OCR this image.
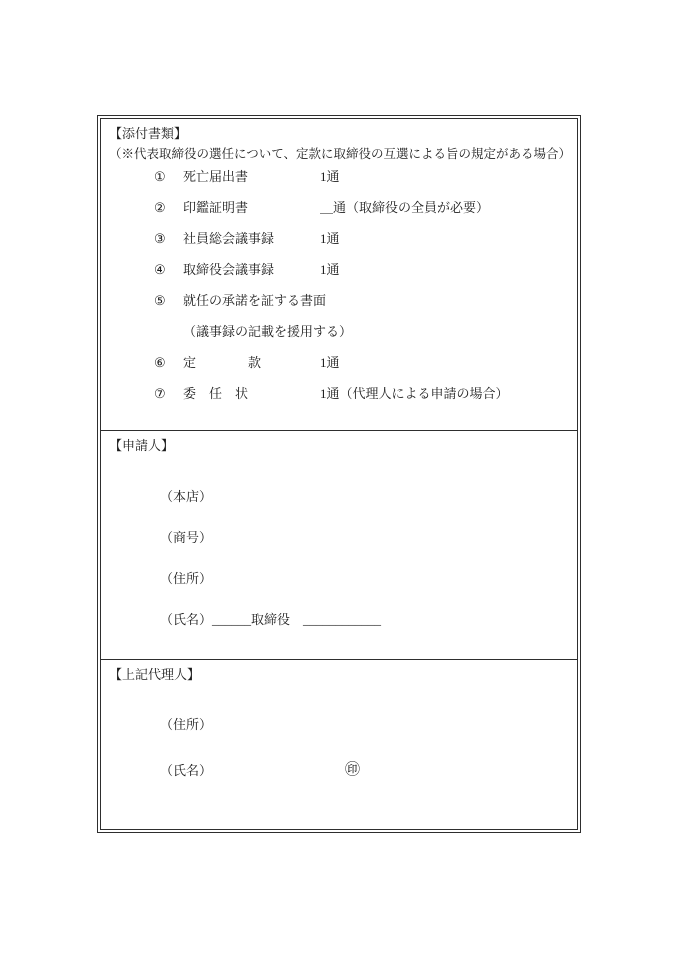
【添付書類】
（※代表取締役の選任について、定款に取締役の互選による旨の規定がある場合）
①	死亡届出書	1通
②	印鑑証明書	＿通（取締役の全員が必要）
③	社員総会議事録	1通
④	取締役会議事録	1通
⑤	就任の承諾を証する書面
（議事録の記載を援用する）
⑥	定　　　　款	1通
⑦	委　任　状	1通（代理人による申請の場合）
【申請人】
（本店）
（商号）
（住所）
（氏名）______取締役　____________
【上記代理人】
（住所）
（氏名）	㊞
